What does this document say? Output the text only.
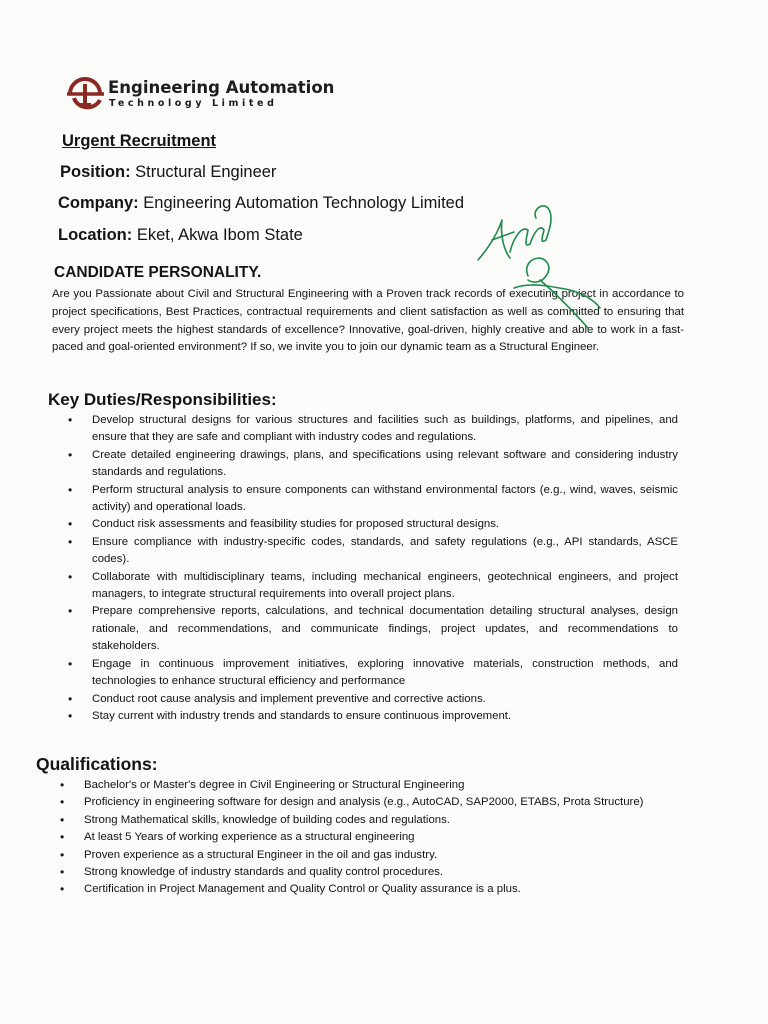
Engineering Automation
Technology Limited
Urgent Recruitment
Position: Structural Engineer
Company: Engineering Automation Technology Limited
Location: Eket, Akwa Ibom State
CANDIDATE PERSONALITY.

Are you Passionate about Civil and Structural Engineering with a Proven track records of executing project in accordance to project specifications, Best Practices, contractual requirements and client satisfaction as well as committed to ensuring that every project meets the highest standards of excellence? Innovative, goal-driven, highly creative and able to work in a fast-paced and goal-oriented environment? If so, we invite you to join our dynamic team as a Structural Engineer.

Key Duties/Responsibilities:
• Develop structural designs for various structures and facilities such as buildings, platforms, and pipelines, and ensure that they are safe and compliant with industry codes and regulations.
• Create detailed engineering drawings, plans, and specifications using relevant software and considering industry standards and regulations.
• Perform structural analysis to ensure components can withstand environmental factors (e.g., wind, waves, seismic activity) and operational loads.
• Conduct risk assessments and feasibility studies for proposed structural designs.
• Ensure compliance with industry-specific codes, standards, and safety regulations (e.g., API standards, ASCE codes).
• Collaborate with multidisciplinary teams, including mechanical engineers, geotechnical engineers, and project managers, to integrate structural requirements into overall project plans.
• Prepare comprehensive reports, calculations, and technical documentation detailing structural analyses, design rationale, and recommendations, and communicate findings, project updates, and recommendations to stakeholders.
• Engage in continuous improvement initiatives, exploring innovative materials, construction methods, and technologies to enhance structural efficiency and performance
• Conduct root cause analysis and implement preventive and corrective actions.
• Stay current with industry trends and standards to ensure continuous improvement.
Qualifications:
• Bachelor's or Master's degree in Civil Engineering or Structural Engineering
• Proficiency in engineering software for design and analysis (e.g., AutoCAD, SAP2000, ETABS, Prota Structure)
• Strong Mathematical skills, knowledge of building codes and regulations.
• At least 5 Years of working experience as a structural engineering
• Proven experience as a structural Engineer in the oil and gas industry.
• Strong knowledge of industry standards and quality control procedures.
• Certification in Project Management and Quality Control or Quality assurance is a plus.
